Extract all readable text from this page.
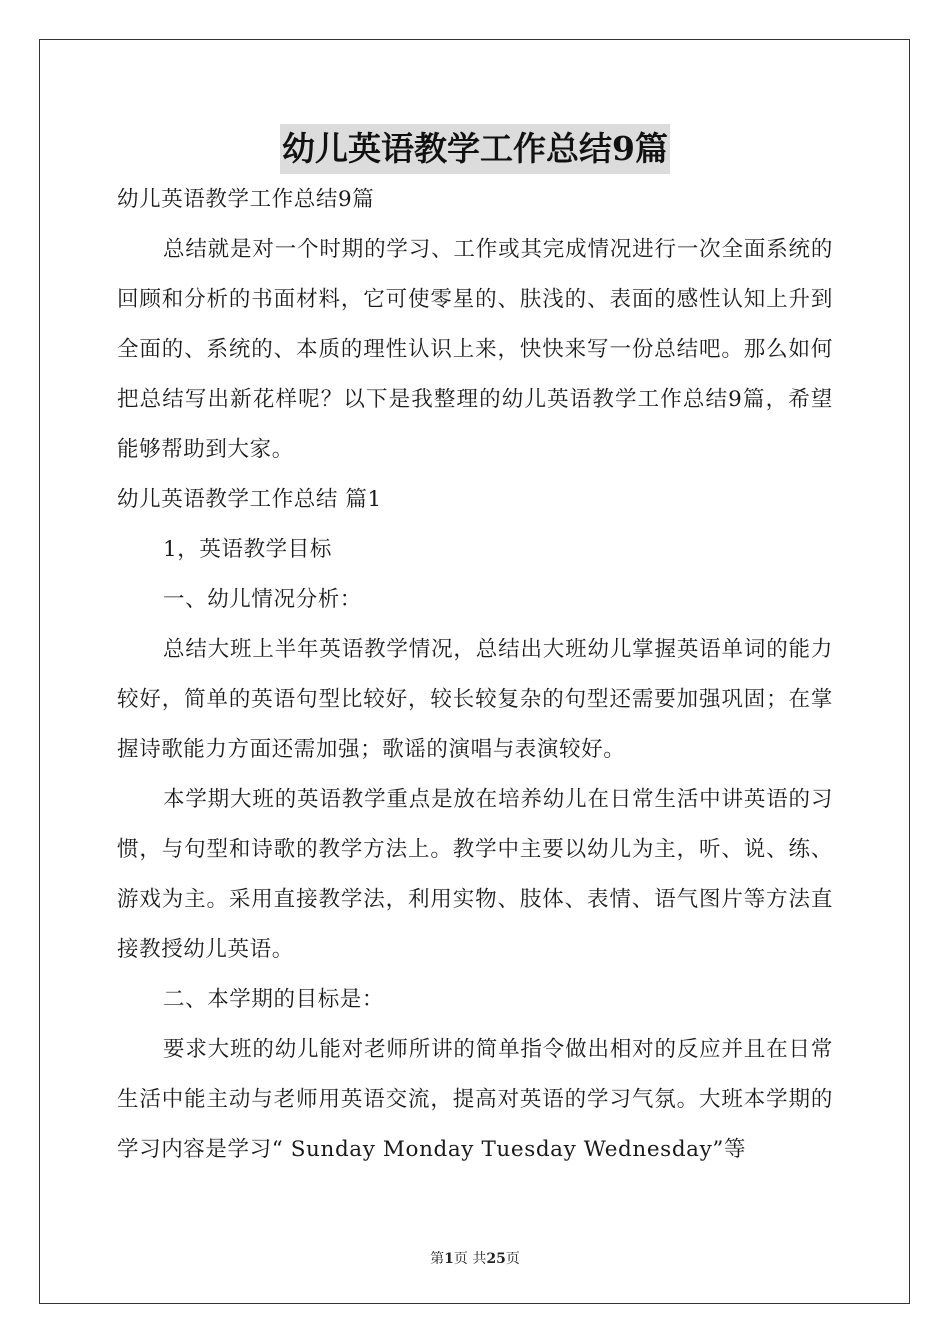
幼儿英语教学工作总结9篇

幼儿英语教学工作总结9篇

总结就是对一个时期的学习、工作或其完成情况进行一次全面系统的回顾和分析的书面材料，它可使零星的、肤浅的、表面的感性认知上升到全面的、系统的、本质的理性认识上来，快快来写一份总结吧。那么如何把总结写出新花样呢？以下是我整理的幼儿英语教学工作总结9篇，希望能够帮助到大家。

幼儿英语教学工作总结 篇1

1，英语教学目标

一、幼儿情况分析：

总结大班上半年英语教学情况，总结出大班幼儿掌握英语单词的能力较好，简单的英语句型比较好，较长较复杂的句型还需要加强巩固；在掌握诗歌能力方面还需加强；歌谣的演唱与表演较好。

本学期大班的英语教学重点是放在培养幼儿在日常生活中讲英语的习惯，与句型和诗歌的教学方法上。教学中主要以幼儿为主，听、说、练、游戏为主。采用直接教学法，利用实物、肢体、表情、语气图片等方法直接教授幼儿英语。

二、本学期的目标是：

要求大班的幼儿能对老师所讲的简单指令做出相对的反应并且在日常生活中能主动与老师用英语交流，提高对英语的学习气氛。大班本学期的学习内容是学习“ Sunday Monday Tuesday Wednesday”等

第1页 共25页
